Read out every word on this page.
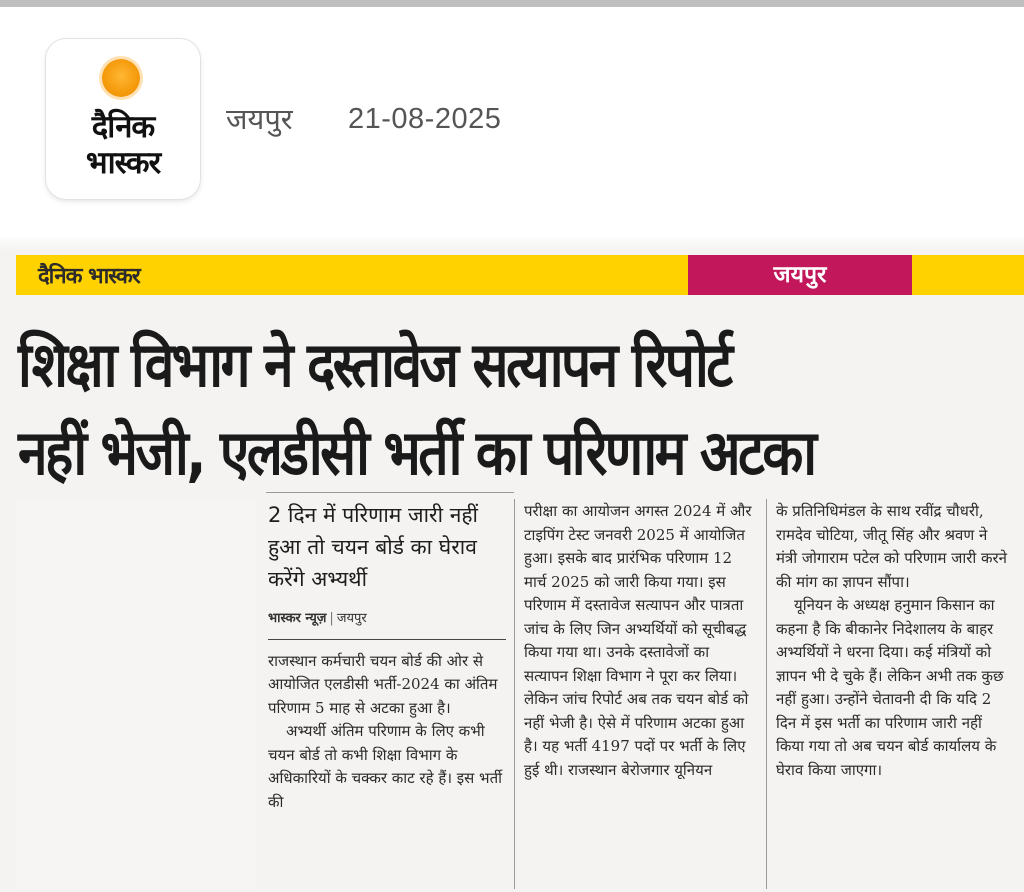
दैनिक
भास्कर
जयपुर 21-08-2025
दैनिक भास्कर	जयपुर
शिक्षा विभाग ने दस्तावेज सत्यापन रिपोर्ट
नहीं भेजी, एलडीसी भर्ती का परिणाम अटका
2 दिन में परिणाम जारी नहीं हुआ तो चयन बोर्ड का घेराव करेंगे अभ्यर्थी
भास्कर न्यूज़ | जयपुर

राजस्थान कर्मचारी चयन बोर्ड की ओर से आयोजित एलडीसी भर्ती-2024 का अंतिम परिणाम 5 माह से अटका हुआ है।

अभ्यर्थी अंतिम परिणाम के लिए कभी चयन बोर्ड तो कभी शिक्षा विभाग के अधिकारियों के चक्कर काट रहे हैं। इस भर्ती की

परीक्षा का आयोजन अगस्त 2024 में और टाइपिंग टेस्ट जनवरी 2025 में आयोजित हुआ। इसके बाद प्रारंभिक परिणाम 12 मार्च 2025 को जारी किया गया। इस परिणाम में दस्तावेज सत्यापन और पात्रता जांच के लिए जिन अभ्यर्थियों को सूचीबद्ध किया गया था। उनके दस्तावेजों का सत्यापन शिक्षा विभाग ने पूरा कर लिया। लेकिन जांच रिपोर्ट अब तक चयन बोर्ड को नहीं भेजी है। ऐसे में परिणाम अटका हुआ है। यह भर्ती 4197 पदों पर भर्ती के लिए हुई थी। राजस्थान बेरोजगार यूनियन

के प्रतिनिधिमंडल के साथ रवींद्र चौधरी, रामदेव चोटिया, जीतू सिंह और श्रवण ने मंत्री जोगाराम पटेल को परिणाम जारी करने की मांग का ज्ञापन सौंपा।

यूनियन के अध्यक्ष हनुमान किसान का कहना है कि बीकानेर निदेशालय के बाहर अभ्यर्थियों ने धरना दिया। कई मंत्रियों को ज्ञापन भी दे चुके हैं। लेकिन अभी तक कुछ नहीं हुआ। उन्होंने चेतावनी दी कि यदि 2 दिन में इस भर्ती का परिणाम जारी नहीं किया गया तो अब चयन बोर्ड कार्यालय के घेराव किया जाएगा।
